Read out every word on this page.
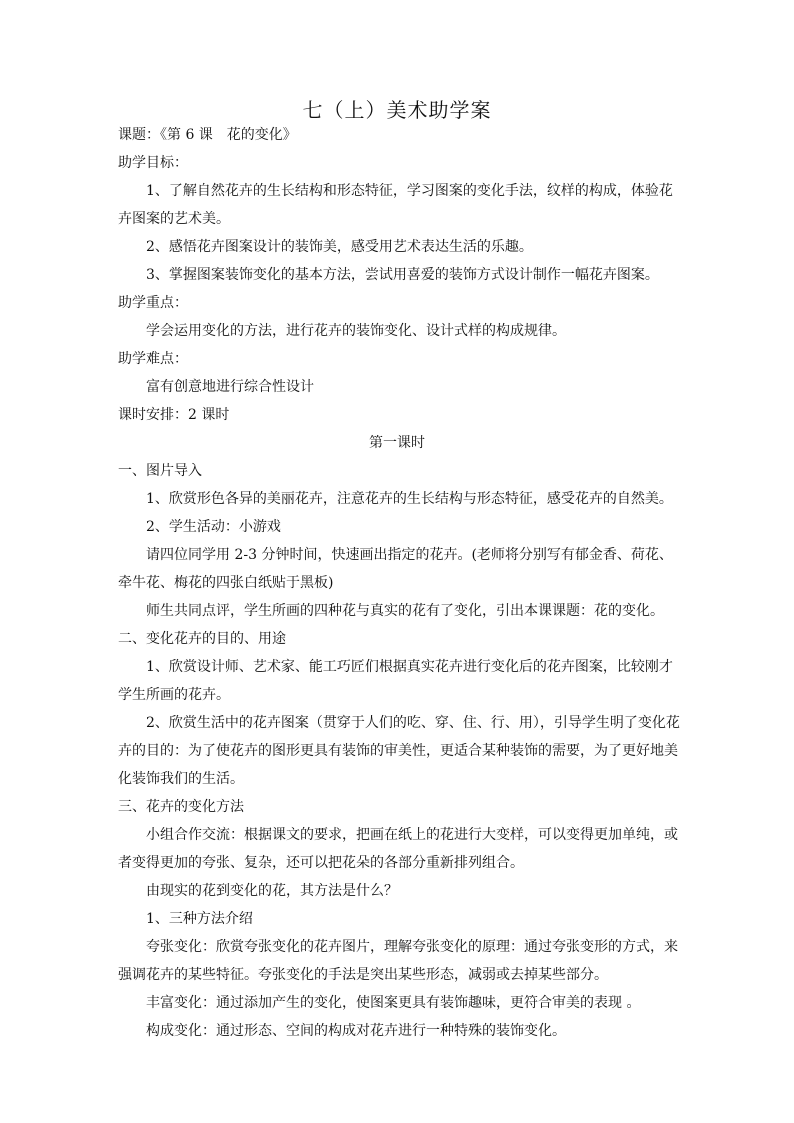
七（上）美术助学案
课题：《第 6 课　花的变化》
助学目标：
1、了解自然花卉的生长结构和形态特征，学习图案的变化手法，纹样的构成，体验花
卉图案的艺术美。
2、感悟花卉图案设计的装饰美，感受用艺术表达生活的乐趣。
3、掌握图案装饰变化的基本方法，尝试用喜爱的装饰方式设计制作一幅花卉图案。
助学重点：
学会运用变化的方法，进行花卉的装饰变化、设计式样的构成规律。
助学难点：
富有创意地进行综合性设计
课时安排：2 课时
第一课时
一、图片导入
1、欣赏形色各异的美丽花卉，注意花卉的生长结构与形态特征，感受花卉的自然美。
2、学生活动：小游戏
请四位同学用 2-3 分钟时间，快速画出指定的花卉。(老师将分别写有郁金香、荷花、
牵牛花、梅花的四张白纸贴于黑板)
师生共同点评，学生所画的四种花与真实的花有了变化，引出本课课题：花的变化。
二、变化花卉的目的、用途
1、欣赏设计师、艺术家、能工巧匠们根据真实花卉进行变化后的花卉图案，比较刚才
学生所画的花卉。
2、欣赏生活中的花卉图案（贯穿于人们的吃、穿、住、行、用），引导学生明了变化花
卉的目的：为了使花卉的图形更具有装饰的审美性，更适合某种装饰的需要，为了更好地美
化装饰我们的生活。
三、花卉的变化方法
小组合作交流：根据课文的要求，把画在纸上的花进行大变样，可以变得更加单纯，或
者变得更加的夸张、复杂，还可以把花朵的各部分重新排列组合。
由现实的花到变化的花，其方法是什么？
1、三种方法介绍
夸张变化：欣赏夸张变化的花卉图片，理解夸张变化的原理：通过夸张变形的方式，来
强调花卉的某些特征。夸张变化的手法是突出某些形态，减弱或去掉某些部分。
丰富变化：通过添加产生的变化，使图案更具有装饰趣味，更符合审美的表现 。
构成变化：通过形态、空间的构成对花卉进行一种特殊的装饰变化。
